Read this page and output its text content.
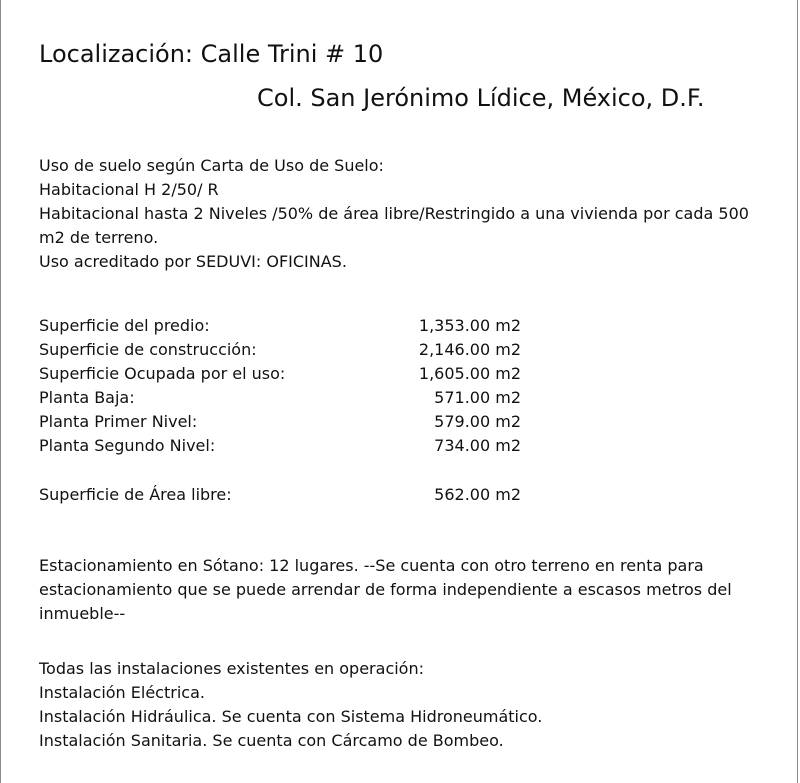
Localización: Calle Trini # 10
Col. San Jerónimo Lídice, México, D.F.
Uso de suelo según Carta de Uso de Suelo:
Habitacional H 2/50/ R
Habitacional hasta 2 Niveles /50% de área libre/Restringido a una vivienda por cada 500 m2 de terreno.
Uso acreditado por SEDUVI: OFICINAS.
Superficie del predio:	1,353.00 m2
Superficie de construcción:	2,146.00 m2
Superficie Ocupada por el uso:	1,605.00 m2
Planta Baja:	571.00 m2
Planta Primer Nivel:	579.00 m2
Planta Segundo Nivel:	734.00 m2
Superficie de Área libre:	562.00 m2
Estacionamiento en Sótano: 12 lugares. --Se cuenta con otro terreno en renta para estacionamiento que se puede arrendar de forma independiente a escasos metros del inmueble--
Todas las instalaciones existentes en operación:
Instalación Eléctrica.
Instalación Hidráulica. Se cuenta con Sistema Hidroneumático.
Instalación Sanitaria. Se cuenta con Cárcamo de Bombeo.
